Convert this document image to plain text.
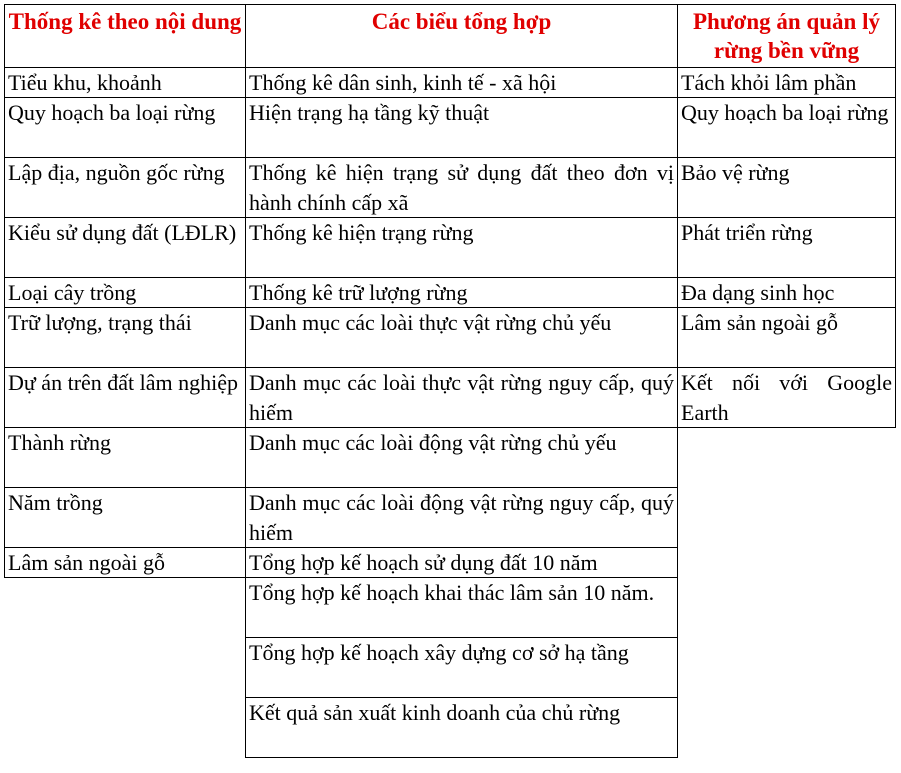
Thống kê theo nội dung
Tiểu khu, khoảnh
Quy hoạch ba loại rừng
Lập địa, nguồn gốc rừng
Kiểu sử dụng đất (LĐLR)
Loại cây trồng
Trữ lượng, trạng thái
Dự án trên đất lâm nghiệp
Thành rừng
Năm trồng
Lâm sản ngoài gỗ
Các biểu tổng hợp
Thống kê dân sinh, kinh tế - xã hội
Hiện trạng hạ tầng kỹ thuật
Thống kê hiện trạng sử dụng đất theo đơn vị hành chính cấp xã
Thống kê hiện trạng rừng
Thống kê trữ lượng rừng
Danh mục các loài thực vật rừng chủ yếu
Danh mục các loài thực vật rừng nguy cấp, quý hiếm
Danh mục các loài động vật rừng chủ yếu
Danh mục các loài động vật rừng nguy cấp, quý hiếm
Tổng hợp kế hoạch sử dụng đất 10 năm
Tổng hợp kế hoạch khai thác lâm sản 10 năm.
Tổng hợp kế hoạch xây dựng cơ sở hạ tầng
Kết quả sản xuất kinh doanh của chủ rừng
Phương án quản lý rừng bền vững
Tách khỏi lâm phần
Quy hoạch ba loại rừng
Bảo vệ rừng
Phát triển rừng
Đa dạng sinh học
Lâm sản ngoài gỗ
Kết nối với Google Earth
